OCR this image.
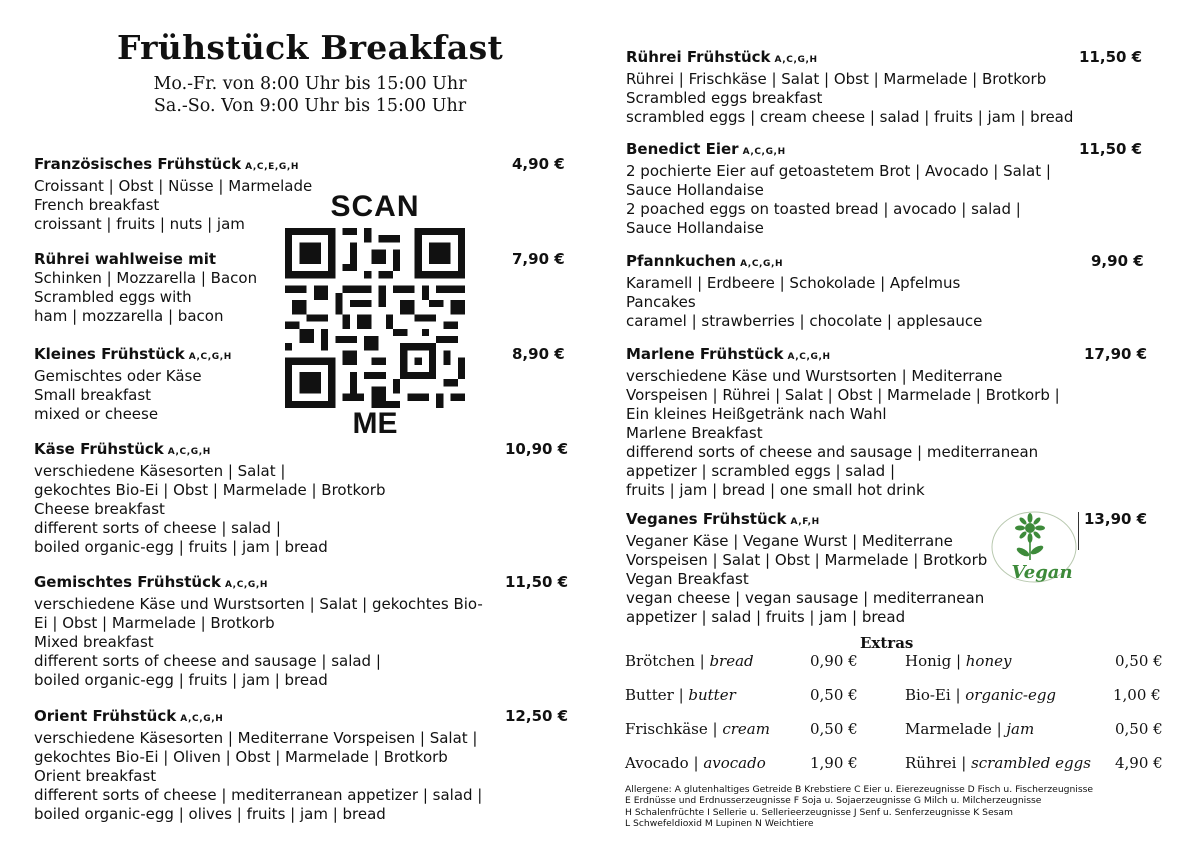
Frühstück Breakfast
Mo.-Fr. von 8:00 Uhr bis 15:00 Uhr
Sa.-So. Von 9:00 Uhr bis 15:00 Uhr
Französisches Frühstück A,C,E,G,H
Croissant | Obst | Nüsse | Marmelade
French breakfast
croissant | fruits | nuts | jam
4,90 €
Rührei wahlweise mit
Schinken | Mozzarella | Bacon
Scrambled eggs with
ham | mozzarella | bacon
7,90 €
Kleines Frühstück A,C,G,H
Gemischtes oder Käse
Small breakfast
mixed or cheese
8,90 €
Käse Frühstück A,C,G,H
verschiedene Käsesorten | Salat |
gekochtes Bio-Ei | Obst | Marmelade | Brotkorb
Cheese breakfast
different sorts of cheese | salad |
boiled organic-egg | fruits | jam | bread
10,90 €
Gemischtes Frühstück A,C,G,H
verschiedene Käse und Wurstsorten | Salat | gekochtes Bio-
Ei | Obst | Marmelade | Brotkorb
Mixed breakfast
different sorts of cheese and sausage | salad |
boiled organic-egg | fruits | jam | bread
11,50 €
Orient Frühstück A,C,G,H
verschiedene Käsesorten | Mediterrane Vorspeisen | Salat |
gekochtes Bio-Ei | Oliven | Obst | Marmelade | Brotkorb
Orient breakfast
different sorts of cheese | mediterranean appetizer | salad |
boiled organic-egg | olives | fruits | jam | bread
12,50 €
SCAN
ME
Rührei Frühstück A,C,G,H
Rührei | Frischkäse | Salat | Obst | Marmelade | Brotkorb
Scrambled eggs breakfast
scrambled eggs | cream cheese | salad | fruits | jam | bread
11,50 €
Benedict Eier A,C,G,H
2 pochierte Eier auf getoastetem Brot | Avocado | Salat |
Sauce Hollandaise
2 poached eggs on toasted bread | avocado | salad |
Sauce Hollandaise
11,50 €
Pfannkuchen A,C,G,H
Karamell | Erdbeere | Schokolade | Apfelmus
Pancakes
caramel | strawberries | chocolate | applesauce
9,90 €
Marlene Frühstück A,C,G,H
verschiedene Käse und Wurstsorten | Mediterrane
Vorspeisen | Rührei | Salat | Obst | Marmelade | Brotkorb |
Ein kleines Heißgetränk nach Wahl
Marlene Breakfast
differend sorts of cheese and sausage | mediterranean
appetizer | scrambled eggs | salad |
fruits | jam | bread | one small hot drink
17,90 €
Veganes Frühstück A,F,H
Veganer Käse | Vegane Wurst | Mediterrane
Vorspeisen | Salat | Obst | Marmelade | Brotkorb
Vegan Breakfast
vegan cheese | vegan sausage | mediterranean
appetizer | salad | fruits | jam | bread
13,90 €
Vegan
Extras
Brötchen | bread	0,90 €	Honig | honey	0,50 €
Butter | butter	0,50 €	Bio-Ei | organic-egg	1,00 €
Frischkäse | cream	0,50 €	Marmelade | jam	0,50 €
Avocado | avocado	1,90 €	Rührei | scrambled eggs 4,90 €
Allergene: A glutenhaltiges Getreide B Krebstiere C Eier u. Eierezeugnisse D Fisch u. Fischerzeugnisse
E Erdnüsse und Erdnusserzeugnisse F Soja u. Sojaerzeugnisse G Milch u. Milcherzeugnisse
H Schalenfrüchte I Sellerie u. Sellerieerzeugnisse J Senf u. Senferzeugnisse K Sesam
L Schwefeldioxid M Lupinen N Weichtiere
